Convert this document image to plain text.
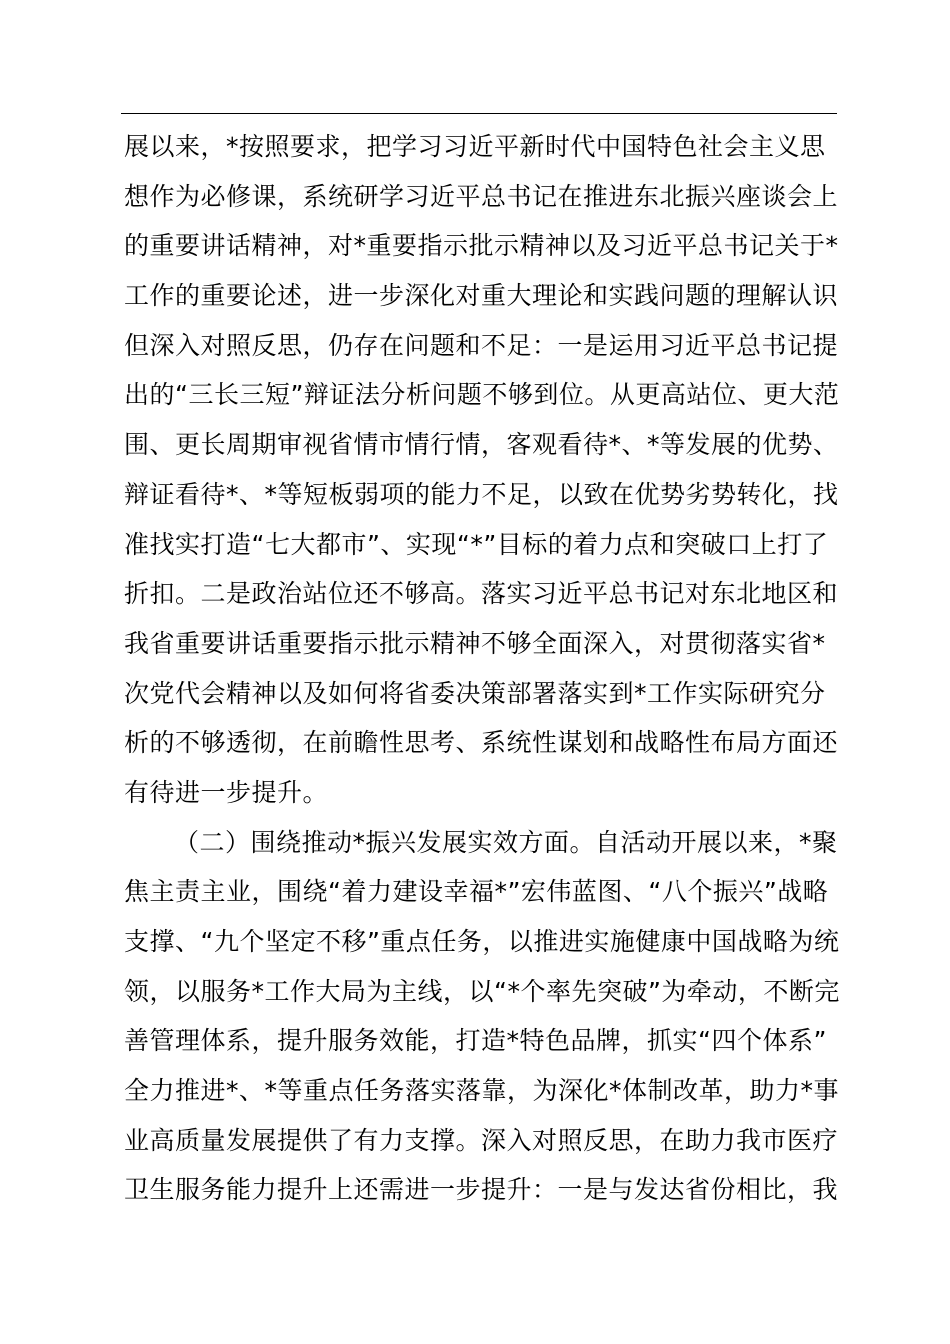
展以来，*按照要求，把学习习近平新时代中国特色社会主义思
想作为必修课，系统研学习近平总书记在推进东北振兴座谈会上
的重要讲话精神，对*重要指示批示精神以及习近平总书记关于*
工作的重要论述，进一步深化对重大理论和实践问题的理解认识
但深入对照反思，仍存在问题和不足：一是运用习近平总书记提
出的“三长三短”辩证法分析问题不够到位。从更高站位、更大范
围、更长周期审视省情市情行情，客观看待*、*等发展的优势、
辩证看待*、*等短板弱项的能力不足，以致在优势劣势转化，找
准找实打造“七大都市”、实现“*”目标的着力点和突破口上打了
折扣。二是政治站位还不够高。落实习近平总书记对东北地区和
我省重要讲话重要指示批示精神不够全面深入，对贯彻落实省*
次党代会精神以及如何将省委决策部署落实到*工作实际研究分
析的不够透彻，在前瞻性思考、系统性谋划和战略性布局方面还
有待进一步提升。
（二）围绕推动*振兴发展实效方面。自活动开展以来，*聚
焦主责主业，围绕“着力建设幸福*”宏伟蓝图、“八个振兴”战略
支撑、“九个坚定不移”重点任务，以推进实施健康中国战略为统
领，以服务*工作大局为主线，以“*个率先突破”为牵动，不断完
善管理体系，提升服务效能，打造*特色品牌，抓实“四个体系”
全力推进*、*等重点任务落实落靠，为深化*体制改革，助力*事
业高质量发展提供了有力支撑。深入对照反思，在助力我市医疗
卫生服务能力提升上还需进一步提升：一是与发达省份相比，我
